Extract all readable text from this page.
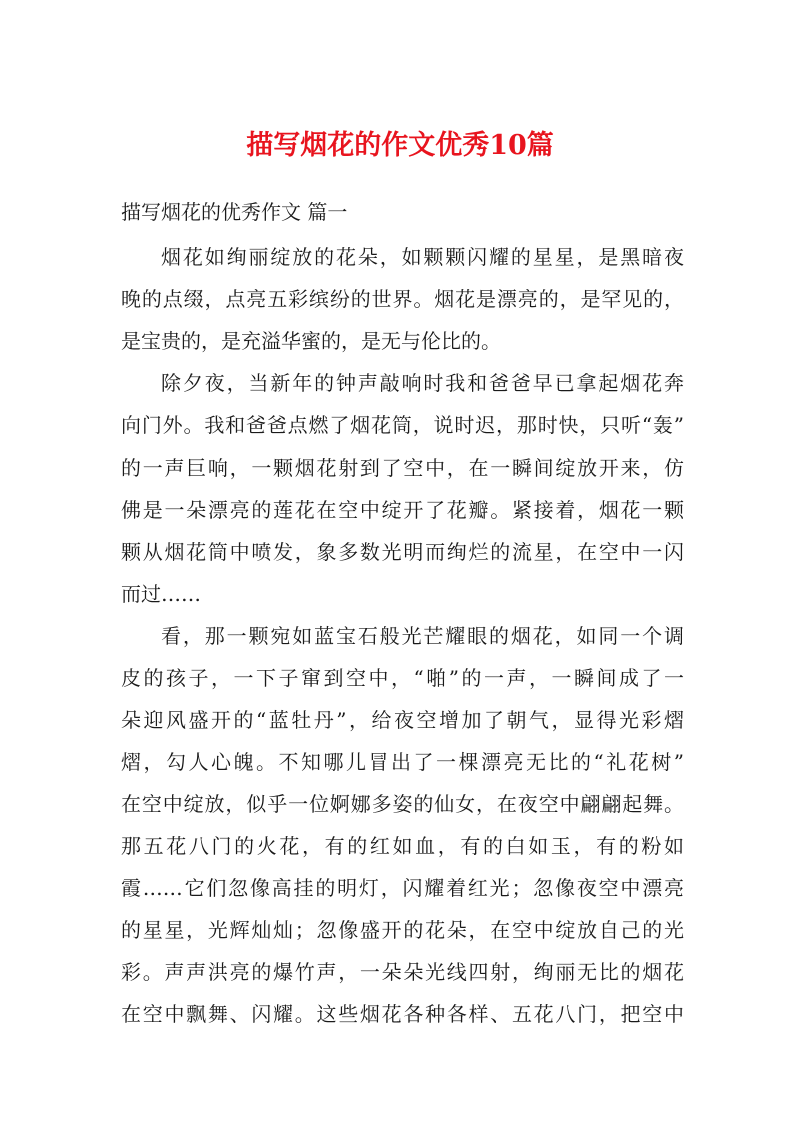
描写烟花的作文优秀10篇
描写烟花的优秀作文 篇一
烟花如绚丽绽放的花朵，如颗颗闪耀的星星，是黑暗夜
晚的点缀，点亮五彩缤纷的世界。烟花是漂亮的，是罕见的，
是宝贵的，是充溢华蜜的，是无与伦比的。
除夕夜，当新年的钟声敲响时我和爸爸早已拿起烟花奔
向门外。我和爸爸点燃了烟花筒，说时迟，那时快，只听“轰”
的一声巨响，一颗烟花射到了空中，在一瞬间绽放开来，仿
佛是一朵漂亮的莲花在空中绽开了花瓣。紧接着，烟花一颗
颗从烟花筒中喷发，象多数光明而绚烂的流星，在空中一闪
而过……
看，那一颗宛如蓝宝石般光芒耀眼的烟花，如同一个调
皮的孩子，一下子窜到空中，“啪”的一声，一瞬间成了一
朵迎风盛开的“蓝牡丹”，给夜空增加了朝气，显得光彩熠
熠，勾人心魄。不知哪儿冒出了一棵漂亮无比的“礼花树”
在空中绽放，似乎一位婀娜多姿的仙女，在夜空中翩翩起舞。
那五花八门的火花，有的红如血，有的白如玉，有的粉如
霞……它们忽像高挂的明灯，闪耀着红光；忽像夜空中漂亮
的星星，光辉灿灿；忽像盛开的花朵，在空中绽放自己的光
彩。声声洪亮的爆竹声，一朵朵光线四射，绚丽无比的烟花
在空中飘舞、闪耀。这些烟花各种各样、五花八门，把空中
